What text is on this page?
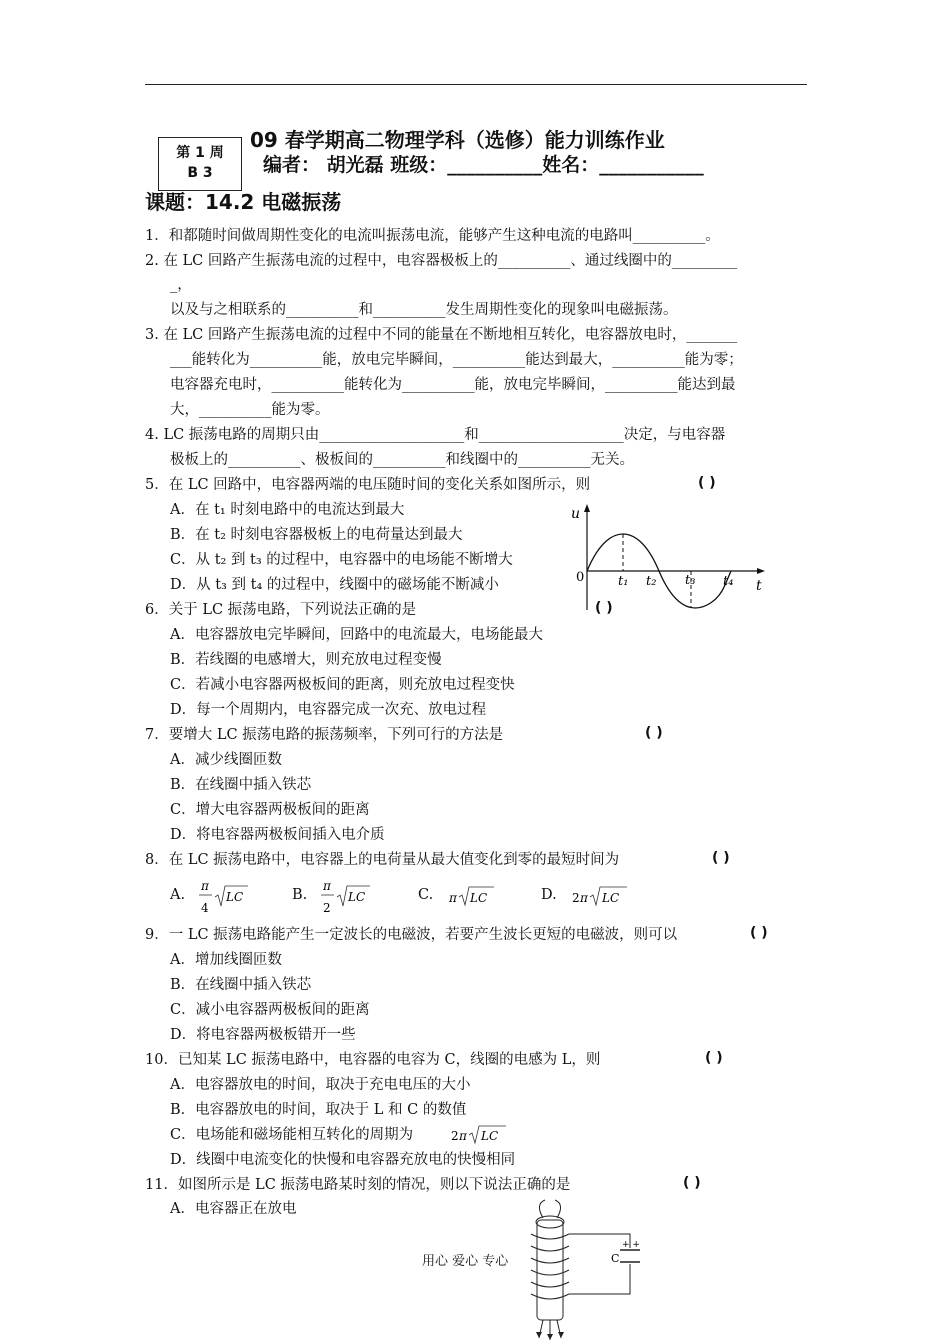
第 1 周
B 3
09 春学期高二物理学科（选修）能力训练作业
编者： 胡光磊 班级：__________姓名：___________
课题：14.2 电磁振荡
1．和都随时间做周期性变化的电流叫振荡电流，能够产生这种电流的电路叫__________。
2. 在 LC 回路产生振荡电流的过程中，电容器极板上的__________、通过线圈中的_________
_，
以及与之相联系的__________和__________发生周期性变化的现象叫电磁振荡。
3. 在 LC 回路产生振荡电流的过程中不同的能量在不断地相互转化，电容器放电时，_______
___能转化为__________能，放电完毕瞬间，__________能达到最大，__________能为零；
电容器充电时，__________能转化为__________能，放电完毕瞬间，__________能达到最
大，__________能为零。
4. LC 振荡电路的周期只由____________________和____________________决定，与电容器
极板上的__________、极板间的__________和线圈中的__________无关。
5．在 LC 回路中，电容器两端的电压随时间的变化关系如图所示，则	( )
A．在 t₁ 时刻电路中的电流达到最大
B．在 t₂ 时刻电容器极板上的电荷量达到最大
C．从 t₂ 到 t₃ 的过程中，电容器中的电场能不断增大
D．从 t₃ 到 t₄ 的过程中，线圈中的磁场能不断减小
u
0
t
t₁ t₂ t₃ t₄
6．关于 LC 振荡电路，下列说法正确的是	( )
A．电容器放电完毕瞬间，回路中的电流最大，电场能最大
B．若线圈的电感增大，则充放电过程变慢
C．若减小电容器两极板间的距离，则充放电过程变快
D．每一个周期内，电容器完成一次充、放电过程
7．要增大 LC 振荡电路的振荡频率，下列可行的方法是	( )
A．减少线圈匝数
B．在线圈中插入铁芯
C．增大电容器两极板间的距离
D．将电容器两极板间插入电介质
8．在 LC 振荡电路中，电容器上的电荷量从最大值变化到零的最短时间为	( )
A.
π
4
LC	B.
π
2
LC	C. π LC	D. 2 π LC
9．一 LC 振荡电路能产生一定波长的电磁波，若要产生波长更短的电磁波，则可以	( )
A．增加线圈匝数
B．在线圈中插入铁芯
C．减小电容器两极板间的距离
D．将电容器两极板错开一些
10．已知某 LC 振荡电路中，电容器的电容为 C，线圈的电感为 L，则	( )
A．电容器放电的时间，取决于充电电压的大小
B．电容器放电的时间，取决于 L 和 C 的数值
C．电场能和磁场能相互转化的周期为	2 π LC
D．线圈中电流变化的快慢和电容器充放电的快慢相同
11．如图所示是 LC 振荡电路某时刻的情况，则以下说法正确的是	( )
A．电容器正在放电
+ +
C
用心 爱心 专心
